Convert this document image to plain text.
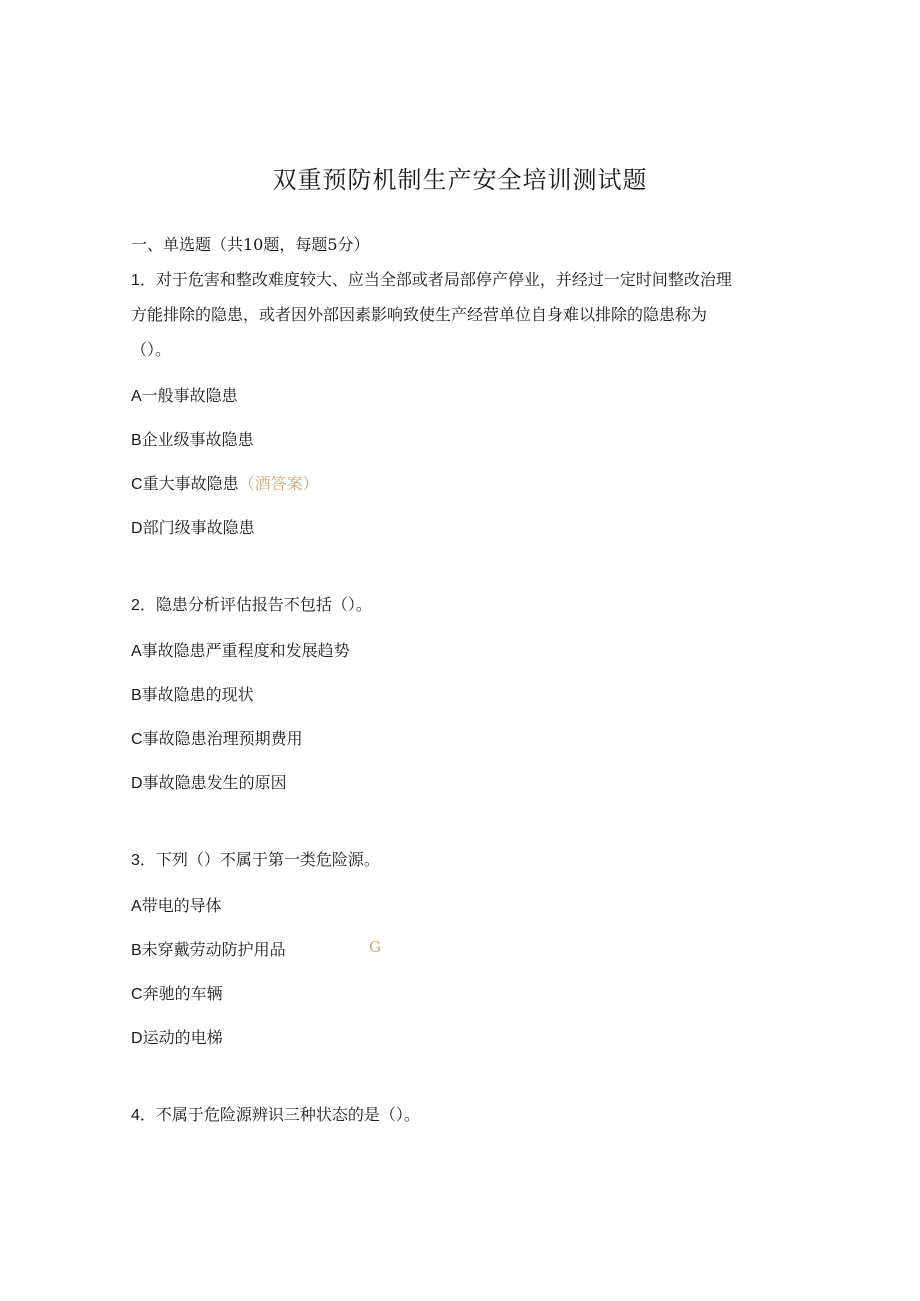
双重预防机制生产安全培训测试题
一、单选题（共10题，每题5分）
1．对于危害和整改难度较大、应当全部或者局部停产停业，并经过一定时间整改治理
方能排除的隐患，或者因外部因素影响致使生产经营单位自身难以排除的隐患称为
（）。
A一般事故隐患
B企业级事故隐患
C重大事故隐患（酒答案）
D部门级事故隐患
2．隐患分析评估报告不包括（）。
A事故隐患严重程度和发展趋势
B事故隐患的现状
C事故隐患治理预期费用
D事故隐患发生的原因
3．下列（）不属于第一类危险源。
A带电的导体
B未穿戴劳动防护用品	G
C奔驰的车辆
D运动的电梯
4．不属于危险源辨识三种状态的是（）。
